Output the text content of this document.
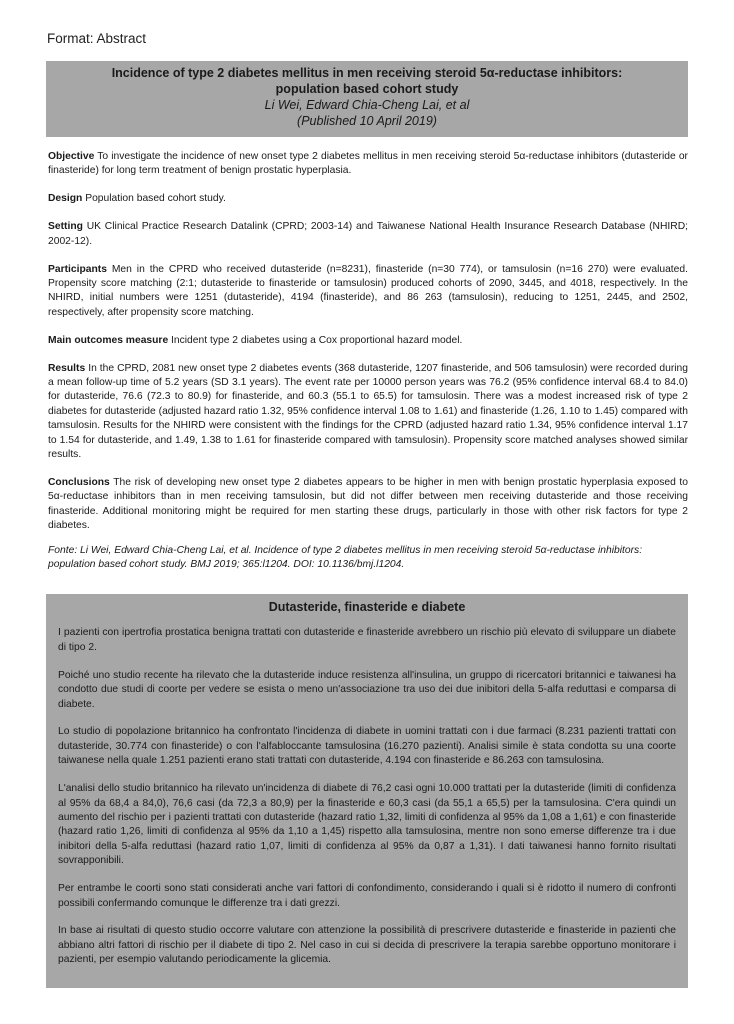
Format: Abstract
Incidence of type 2 diabetes mellitus in men receiving steroid 5α-reductase inhibitors:
population based cohort study
Li Wei, Edward Chia-Cheng Lai, et al
(Published 10 April 2019)

Objective To investigate the incidence of new onset type 2 diabetes mellitus in men receiving steroid 5α-reductase inhibitors (dutasteride or finasteride) for long term treatment of benign prostatic hyperplasia.

Design Population based cohort study.

Setting UK Clinical Practice Research Datalink (CPRD; 2003-14) and Taiwanese National Health Insurance Research Database (NHIRD; 2002-12).

Participants Men in the CPRD who received dutasteride (n=8231), finasteride (n=30 774), or tamsulosin (n=16 270) were evaluated. Propensity score matching (2:1; dutasteride to finasteride or tamsulosin) produced cohorts of 2090, 3445, and 4018, respectively. In the NHIRD, initial numbers were 1251 (dutasteride), 4194 (finasteride), and 86 263 (tamsulosin), reducing to 1251, 2445, and 2502, respectively, after propensity score matching.

Main outcomes measure Incident type 2 diabetes using a Cox proportional hazard model.

Results In the CPRD, 2081 new onset type 2 diabetes events (368 dutasteride, 1207 finasteride, and 506 tamsulosin) were recorded during a mean follow-up time of 5.2 years (SD 3.1 years). The event rate per 10000 person years was 76.2 (95% confidence interval 68.4 to 84.0) for dutasteride, 76.6 (72.3 to 80.9) for finasteride, and 60.3 (55.1 to 65.5) for tamsulosin. There was a modest increased risk of type 2 diabetes for dutasteride (adjusted hazard ratio 1.32, 95% confidence interval 1.08 to 1.61) and finasteride (1.26, 1.10 to 1.45) compared with tamsulosin. Results for the NHIRD were consistent with the findings for the CPRD (adjusted hazard ratio 1.34, 95% confidence interval 1.17 to 1.54 for dutasteride, and 1.49, 1.38 to 1.61 for finasteride compared with tamsulosin). Propensity score matched analyses showed similar results.

Conclusions The risk of developing new onset type 2 diabetes appears to be higher in men with benign prostatic hyperplasia exposed to 5α-reductase inhibitors than in men receiving tamsulosin, but did not differ between men receiving dutasteride and those receiving finasteride. Additional monitoring might be required for men starting these drugs, particularly in those with other risk factors for type 2 diabetes.

Fonte: Li Wei, Edward Chia-Cheng Lai, et al. Incidence of type 2 diabetes mellitus in men receiving steroid 5α-reductase inhibitors: population based cohort study. BMJ 2019; 365:l1204. DOI: 10.1136/bmj.l1204.
Dutasteride, finasteride e diabete

I pazienti con ipertrofia prostatica benigna trattati con dutasteride e finasteride avrebbero un rischio più elevato di sviluppare un diabete di tipo 2.

Poiché uno studio recente ha rilevato che la dutasteride induce resistenza all'insulina, un gruppo di ricercatori britannici e taiwanesi ha condotto due studi di coorte per vedere se esista o meno un'associazione tra uso dei due inibitori della 5-alfa reduttasi e comparsa di diabete.

Lo studio di popolazione britannico ha confrontato l'incidenza di diabete in uomini trattati con i due farmaci (8.231 pazienti trattati con dutasteride, 30.774 con finasteride) o con l'alfabloccante tamsulosina (16.270 pazienti). Analisi simile è stata condotta su una coorte taiwanese nella quale 1.251 pazienti erano stati trattati con dutasteride, 4.194 con finasteride e 86.263 con tamsulosina.

L'analisi dello studio britannico ha rilevato un'incidenza di diabete di 76,2 casi ogni 10.000 trattati per la dutasteride (limiti di confidenza al 95% da 68,4 a 84,0), 76,6 casi (da 72,3 a 80,9) per la finasteride e 60,3 casi (da 55,1 a 65,5) per la tamsulosina. C'era quindi un aumento del rischio per i pazienti trattati con dutasteride (hazard ratio 1,32, limiti di confidenza al 95% da 1,08 a 1,61) e con finasteride (hazard ratio 1,26, limiti di confidenza al 95% da 1,10 a 1,45) rispetto alla tamsulosina, mentre non sono emerse differenze tra i due inibitori della 5-alfa reduttasi (hazard ratio 1,07, limiti di confidenza al 95% da 0,87 a 1,31). I dati taiwanesi hanno fornito risultati sovrapponibili.

Per entrambe le coorti sono stati considerati anche vari fattori di confondimento, considerando i quali si è ridotto il numero di confronti possibili confermando comunque le differenze tra i dati grezzi.

In base ai risultati di questo studio occorre valutare con attenzione la possibilità di prescrivere dutasteride e finasteride in pazienti che abbiano altri fattori di rischio per il diabete di tipo 2. Nel caso in cui si decida di prescrivere la terapia sarebbe opportuno monitorare i pazienti, per esempio valutando periodicamente la glicemia.
